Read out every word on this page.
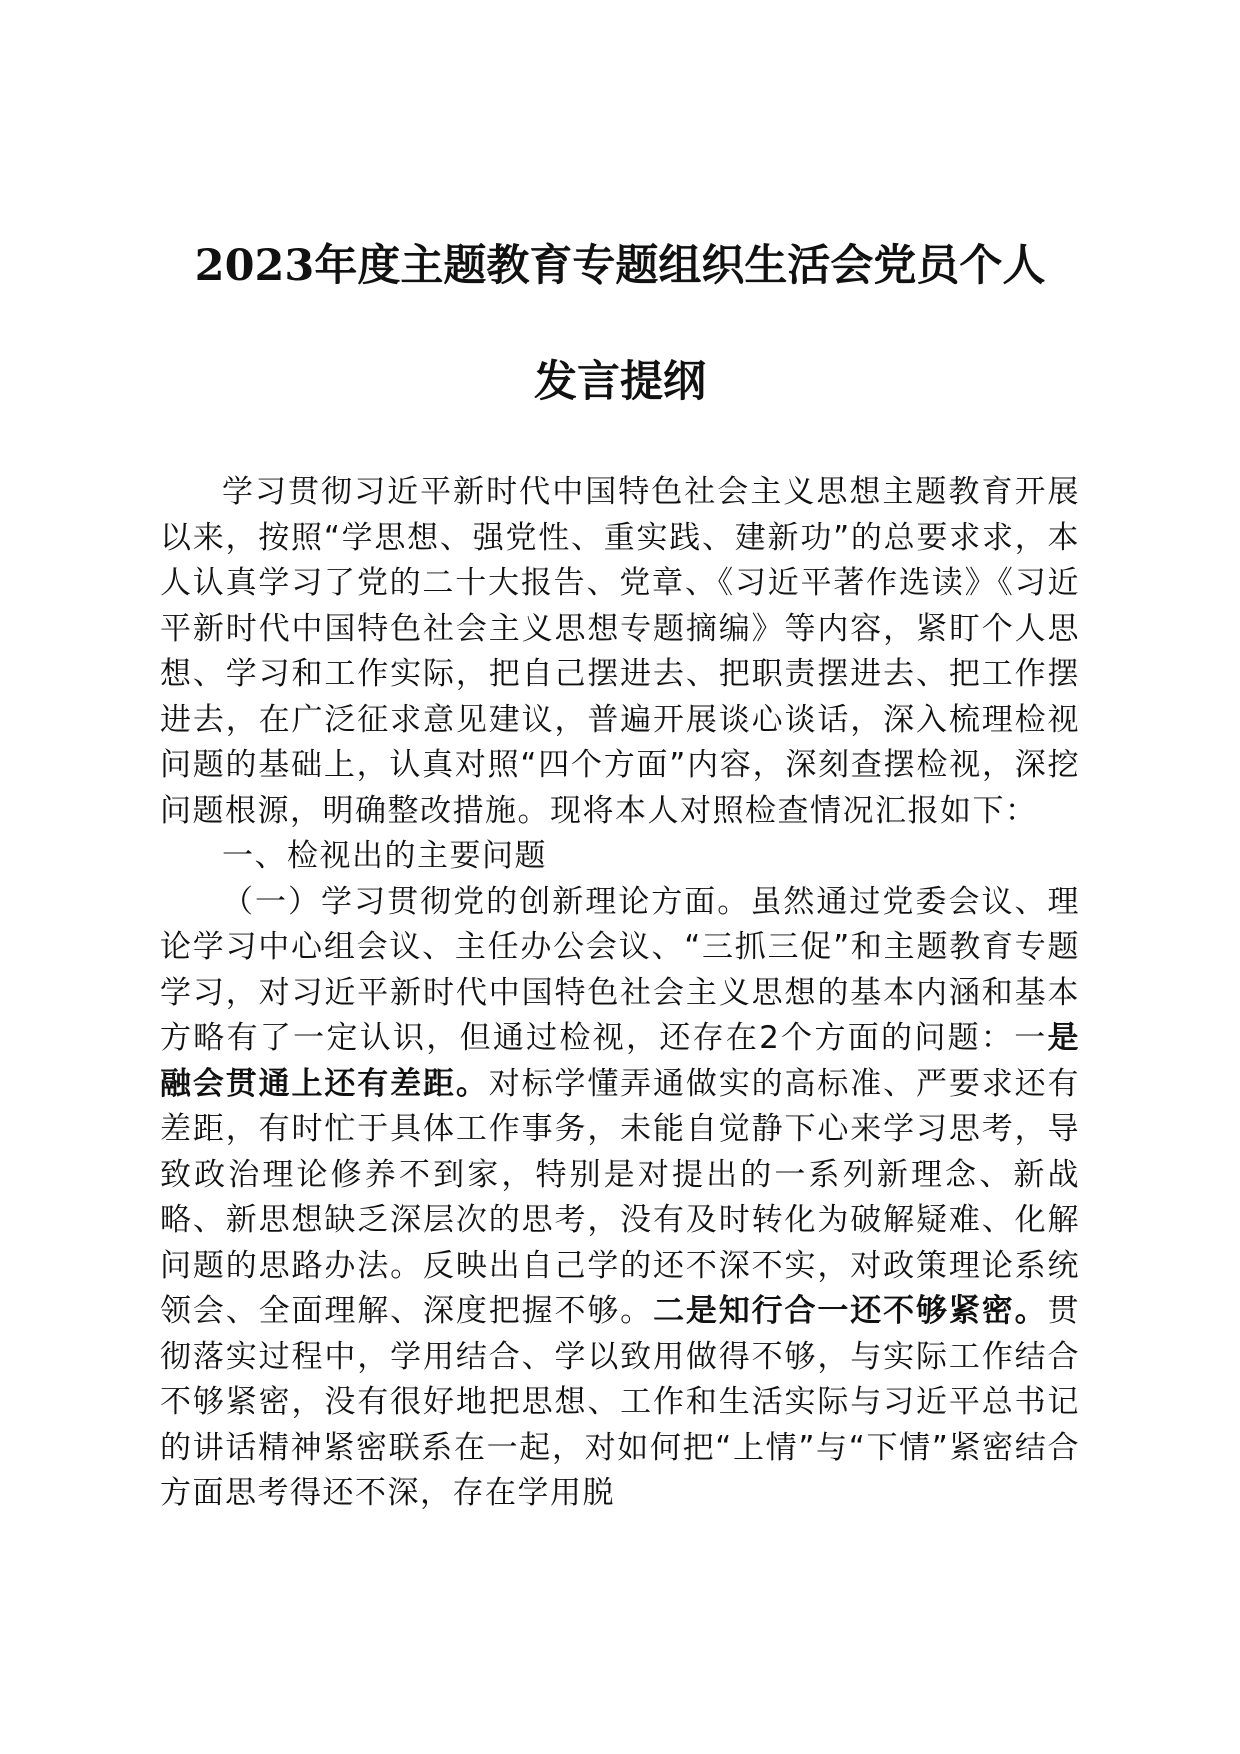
2023年度主题教育专题组织生活会党员个人
发言提纲

学习贯彻习近平新时代中国特色社会主义思想主题教育开展以来，按照“学思想、强党性、重实践、建新功”的总要求求，本人认真学习了党的二十大报告、党章、《习近平著作选读》《习近平新时代中国特色社会主义思想专题摘编》等内容，紧盯个人思想、学习和工作实际，把自己摆进去、把职责摆进去、把工作摆进去，在广泛征求意见建议，普遍开展谈心谈话，深入梳理检视问题的基础上，认真对照“四个方面”内容，深刻查摆检视，深挖问题根源，明确整改措施。现将本人对照检查情况汇报如下：

一、检视出的主要问题

（一）学习贯彻党的创新理论方面。虽然通过党委会议、理论学习中心组会议、主任办公会议、“三抓三促”和主题教育专题学习，对习近平新时代中国特色社会主义思想的基本内涵和基本方略有了一定认识，但通过检视，还存在2个方面的问题：一是融会贯通上还有差距。对标学懂弄通做实的高标准、严要求还有差距，有时忙于具体工作事务，未能自觉静下心来学习思考，导致政治理论修养不到家，特别是对提出的一系列新理念、新战略、新思想缺乏深层次的思考，没有及时转化为破解疑难、化解问题的思路办法。反映出自己学的还不深不实，对政策理论系统领会、全面理解、深度把握不够。二是知行合一还不够紧密。贯彻落实过程中，学用结合、学以致用做得不够，与实际工作结合不够紧密，没有很好地把思想、工作和生活实际与习近平总书记的讲话精神紧密联系在一起，对如何把“上情”与“下情”紧密结合方面思考得还不深，存在学用脱
